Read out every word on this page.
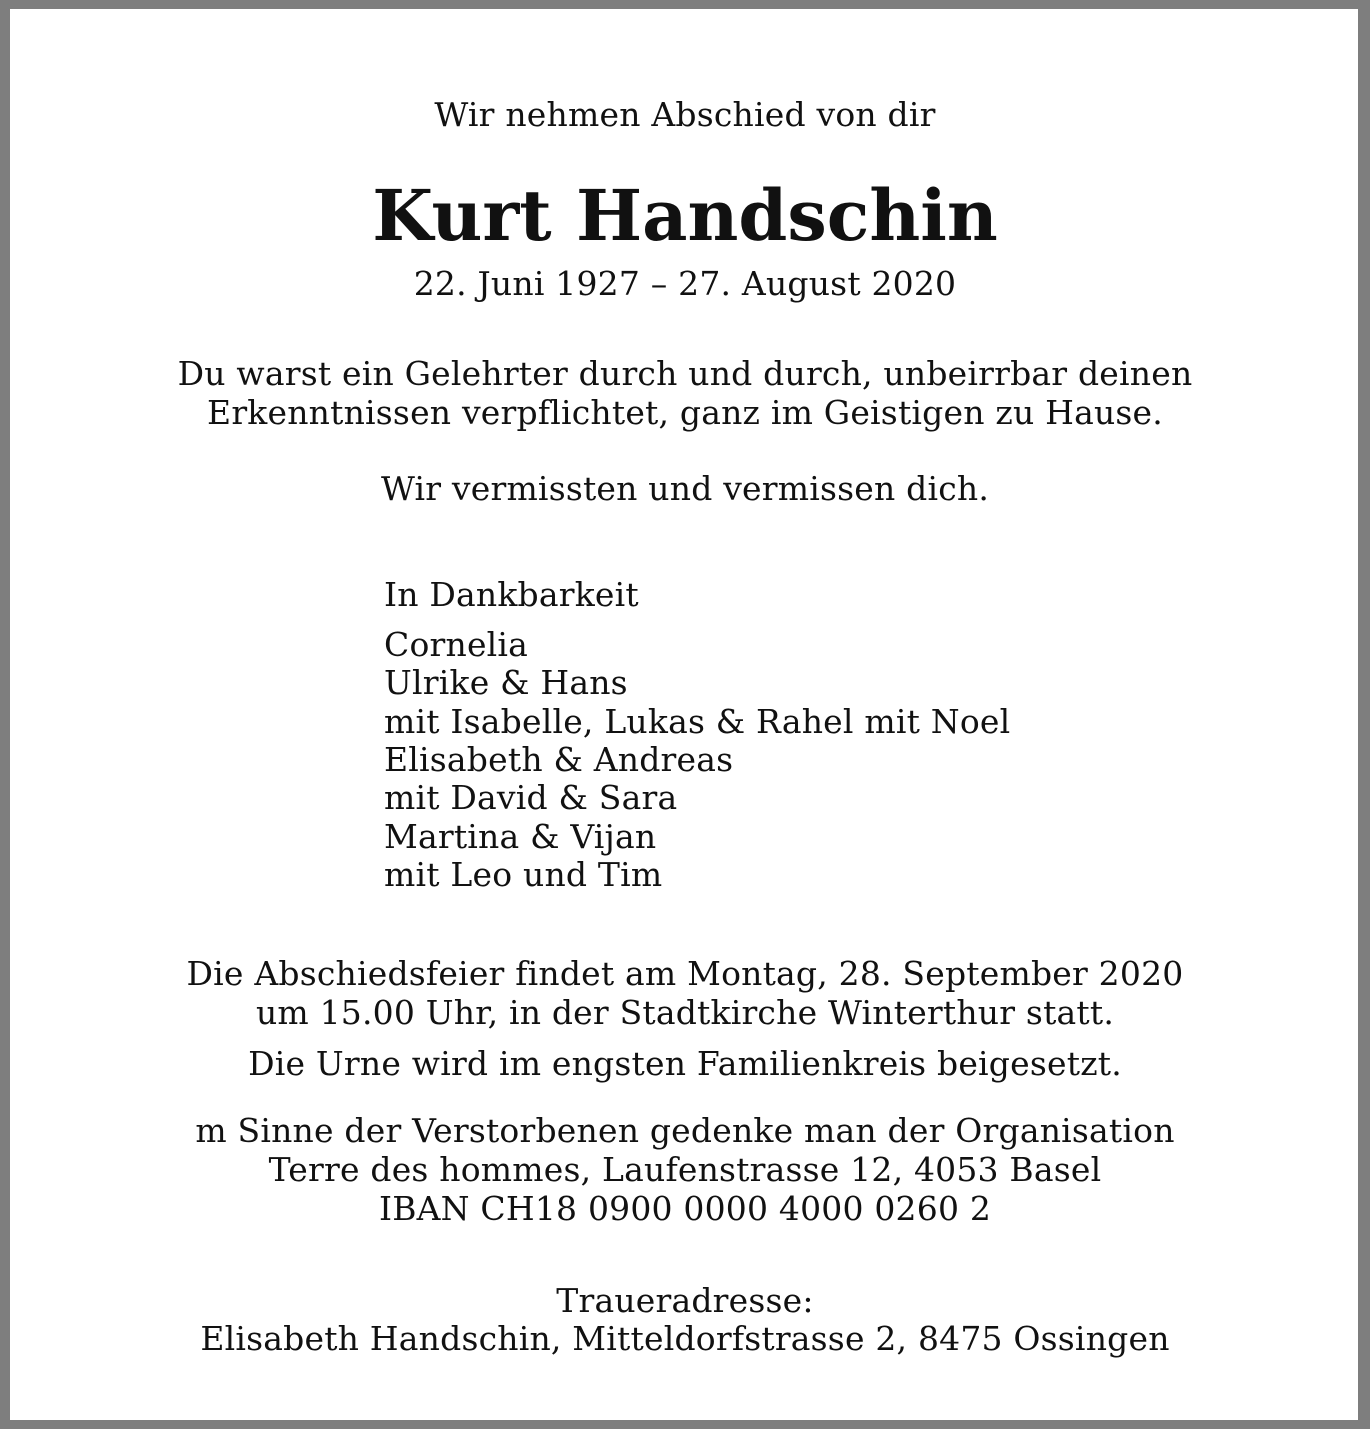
Wir nehmen Abschied von dir
Kurt Handschin
22. Juni 1927 – 27. August 2020
Du warst ein Gelehrter durch und durch, unbeirrbar deinen
Erkenntnissen verpflichtet, ganz im Geistigen zu Hause.
Wir vermissten und vermissen dich.
In Dankbarkeit
Cornelia
Ulrike & Hans
mit Isabelle, Lukas & Rahel mit Noel
Elisabeth & Andreas
mit David & Sara
Martina & Vijan
mit Leo und Tim
Die Abschiedsfeier findet am Montag, 28. September 2020
um 15.00 Uhr, in der Stadtkirche Winterthur statt.
Die Urne wird im engsten Familienkreis beigesetzt.
m Sinne der Verstorbenen gedenke man der Organisation
Terre des hommes, Laufenstrasse 12, 4053 Basel
IBAN CH18 0900 0000 4000 0260 2
Traueradresse:
Elisabeth Handschin, Mitteldorfstrasse 2, 8475 Ossingen
